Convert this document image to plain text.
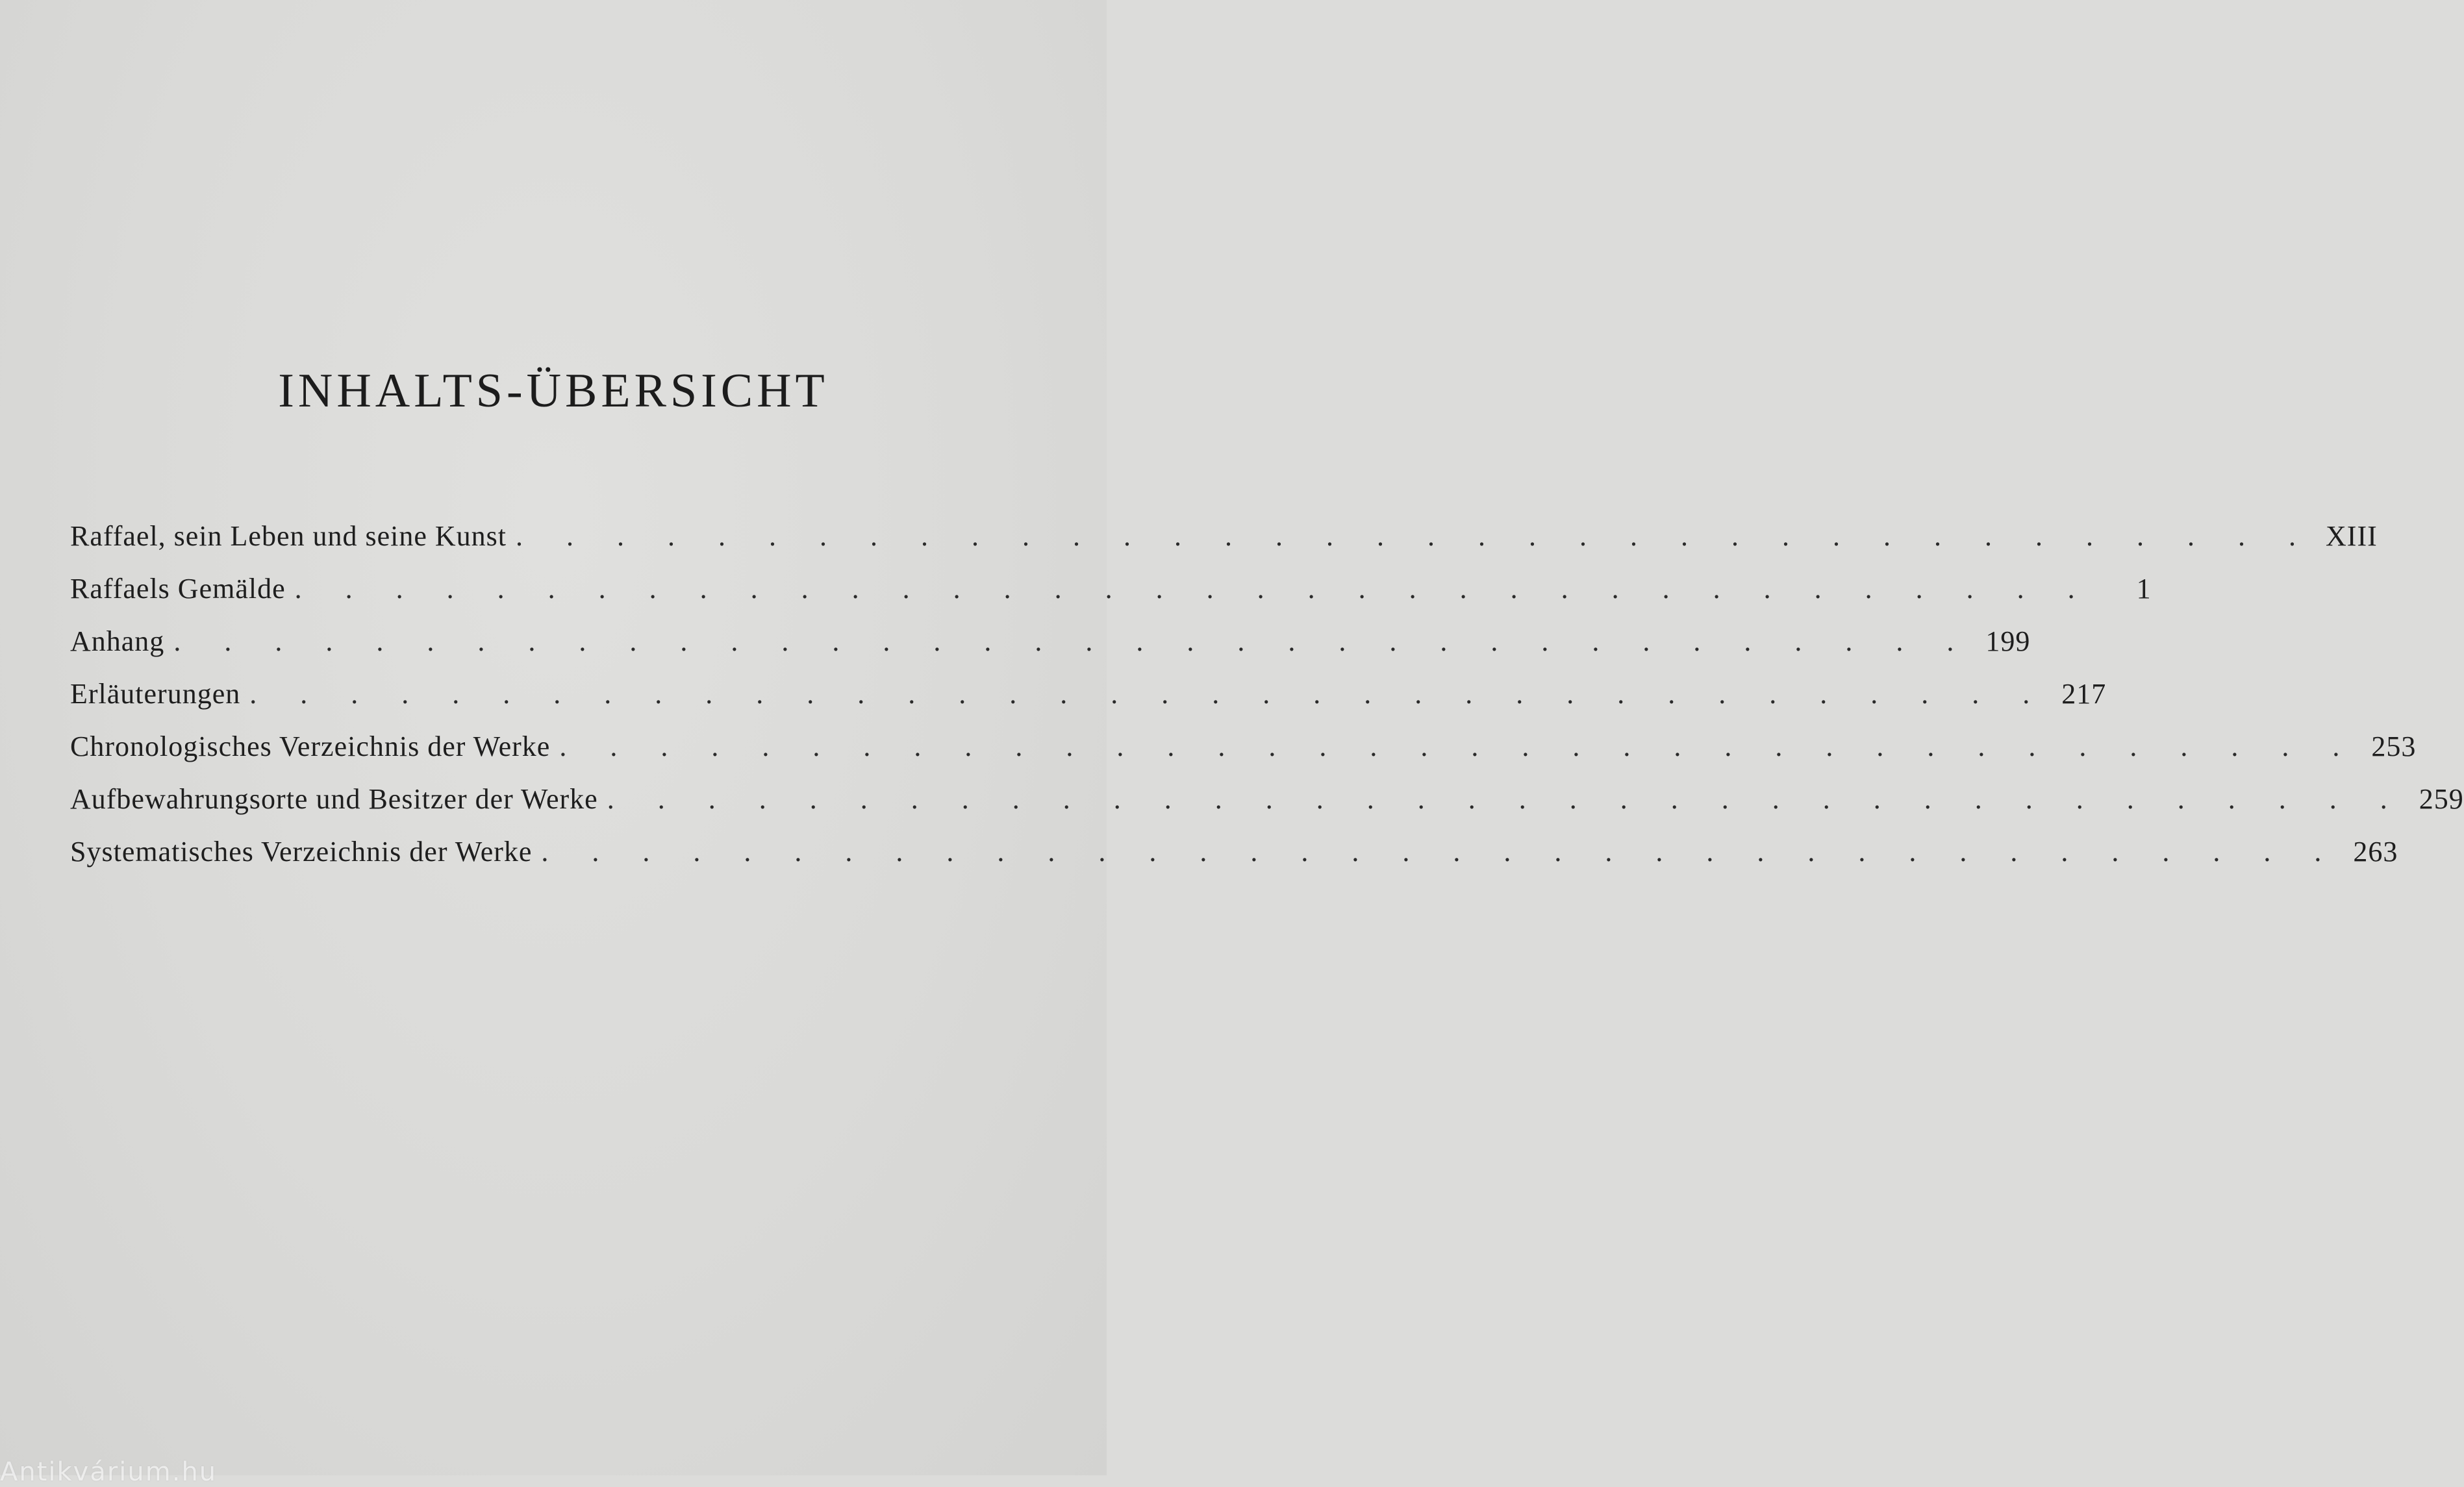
INHALTS-ÜBERSICHT
Raffael, sein Leben und seine Kunst . . . . . . . . . . . . . . . . . . . . . . . . . . . . . . . . . . . . XIII
Raffaels Gemälde . . . . . . . . . . . . . . . . . . . . . . . . . . . . . . . . . . . .	1
Anhang . . . . . . . . . . . . . . . . . . . . . . . . . . . . . . . . . . . . 199
Erläuterungen . . . . . . . . . . . . . . . . . . . . . . . . . . . . . . . . . . . . 217
Chronologisches Verzeichnis der Werke . . . . . . . . . . . . . . . . . . . . . . . . . . . . . . . . . . . . 253
Aufbewahrungsorte und Besitzer der Werke . . . . . . . . . . . . . . . . . . . . . . . . . . . . . . . . . . . . 259
Systematisches Verzeichnis der Werke . . . . . . . . . . . . . . . . . . . . . . . . . . . . . . . . . . . . 263
Antikvárium.hu
